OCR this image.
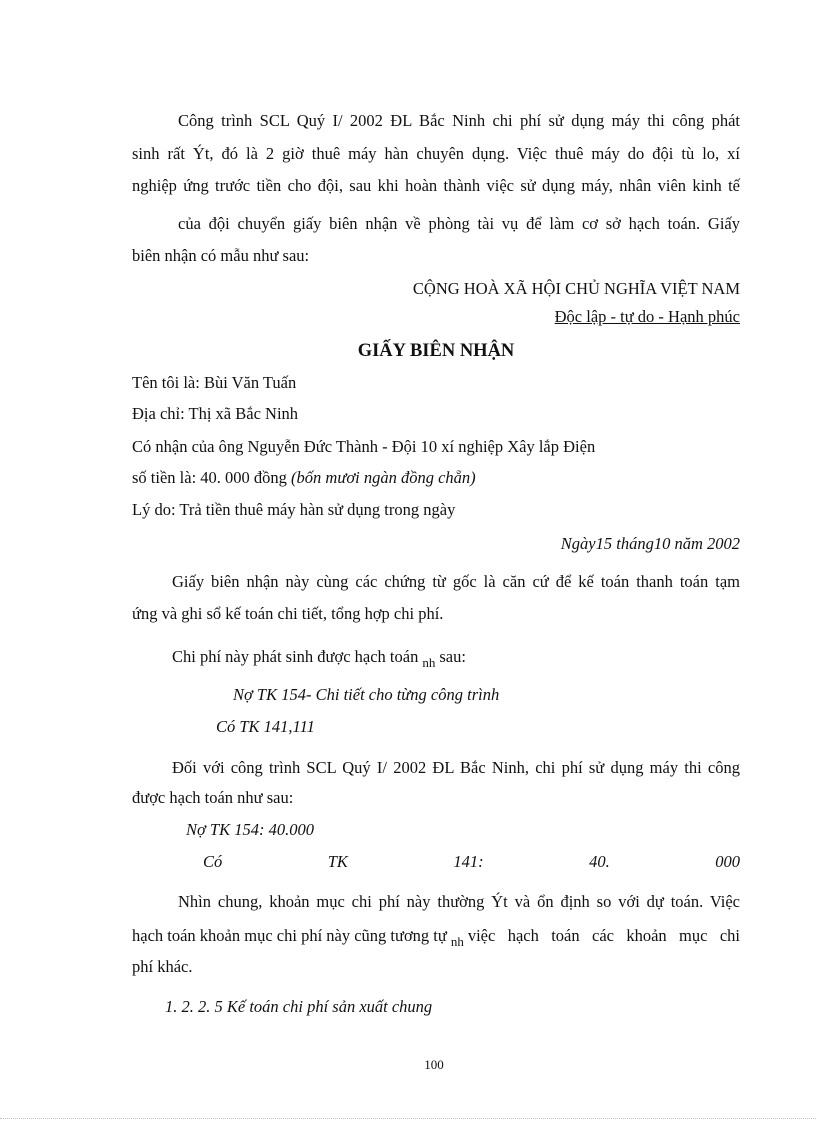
Công trình SCL Quý I/ 2002 ĐL Bắc Ninh chi phí sử dụng máy thi công phát
sinh rất Ýt, đó là 2 giờ thuê máy hàn chuyên dụng. Việc thuê máy do đội tù lo, xí
nghiệp ứng trước tiền cho đội, sau khi hoàn thành việc sử dụng máy, nhân viên kinh tế
của đội chuyển giấy biên nhận về phòng tài vụ để làm cơ sở hạch toán. Giấy
biên nhận có mẫu như sau:
CỘNG HOÀ XÃ HỘI CHỦ NGHĨA VIỆT NAM
Độc lập - tự do - Hạnh phúc
GIẤY BIÊN NHẬN
Tên tôi là: Bùi Văn Tuấn
Địa chỉ: Thị xã Bắc Ninh
Có nhận của ông Nguyễn Đức Thành - Đội 10 xí nghiệp Xây lắp Điện
số tiền là: 40. 000 đồng (bốn mươi ngàn đồng chẵn)
Lý do: Trả tiền thuê máy hàn sử dụng trong ngày
Ngày15 tháng10 năm 2002
Giấy biên nhận này cùng các chứng từ gốc là căn cứ để kế toán thanh toán tạm
ứng và ghi sổ kế toán chi tiết, tổng hợp chi phí.
Chi phí này phát sinh được hạch toán $_{nh}$ sau:
Nợ TK 154- Chi tiết cho từng công trình
Có TK 141,111
Đối với công trình SCL Quý I/ 2002 ĐL Bắc Ninh, chi phí sử dụng máy thi công
được hạch toán như sau:
Nợ TK 154: 40.000
Có	TK	141:	40.	000
Nhìn chung, khoản mục chi phí này thường Ýt và ổn định so với dự toán. Việc
hạch toán khoản mục chi phí này cũng tương tự nh việc hạch toán các khoản mục chi
phí khác.
1. 2. 2. 5 Kế toán chi phí sản xuất chung
100
